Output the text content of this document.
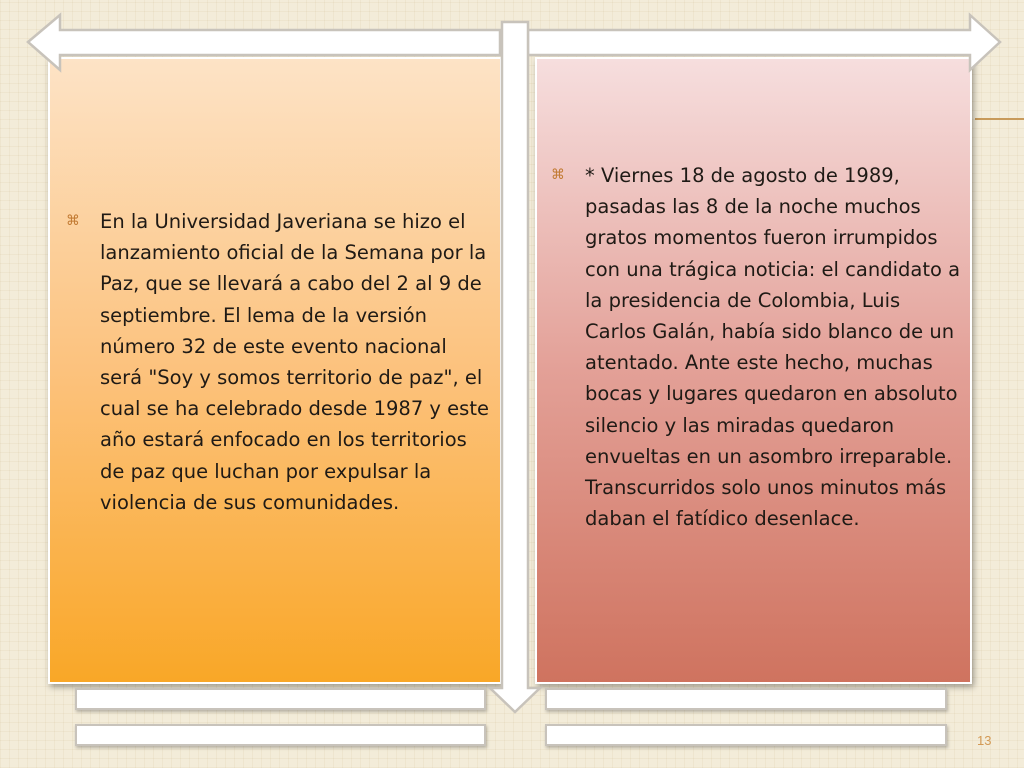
⌘	En la Universidad Javeriana se hizo el lanzamiento oficial de la Semana por la Paz, que se llevará a cabo del 2 al 9 de septiembre. El lema de la versión número 32 de este evento nacional será "Soy y somos territorio de paz", el cual se ha celebrado desde 1987 y este año estará enfocado en los territorios de paz que luchan por expulsar la violencia de sus comunidades.
⌘	* Viernes 18 de agosto de 1989, pasadas las 8 de la noche muchos gratos momentos fueron irrumpidos con una trágica noticia: el candidato a la presidencia de Colombia, Luis Carlos Galán, había sido blanco de un atentado. Ante este hecho, muchas bocas y lugares quedaron en absoluto silencio y las miradas quedaron envueltas en un asombro irreparable. Transcurridos solo unos minutos más daban el fatídico desenlace.
13
